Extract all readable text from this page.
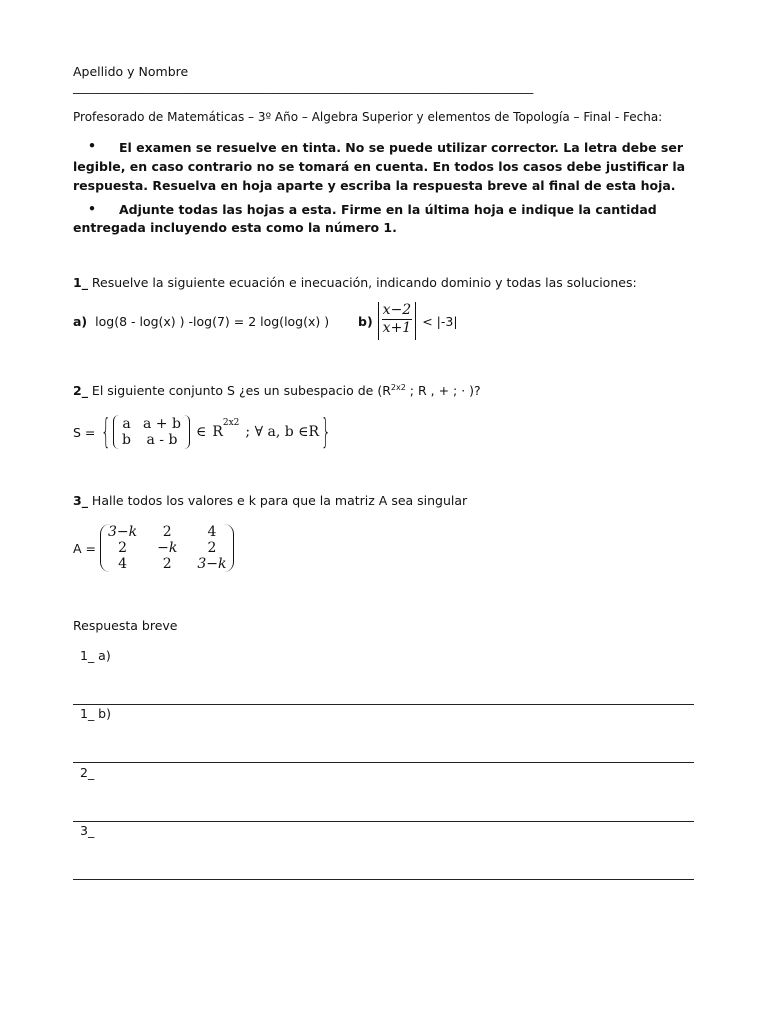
Apellido y Nombre
______________________________________________________________________________
Profesorado de Matemáticas – 3º Año – Algebra Superior y elementos de Topología – Final - Fecha:
•	El examen se resuelve en tinta. No se puede utilizar corrector. La letra debe ser legible, en caso contrario no se tomará en cuenta. En todos los casos debe justificar la respuesta. Resuelva en hoja aparte y escriba la respuesta breve al final de esta hoja.
•	Adjunte todas las hojas a esta. Firme en la última hoja e indique la cantidad entregada incluyendo esta como la número 1.
1_ Resuelve la siguiente ecuación e inecuación, indicando dominio y todas las soluciones:
a) log(8 - log(x) ) -log(7) = 2 log(log(x) ) $b) \frac{x-2}{x+1} < |-3|$
2_ El siguiente conjunto S ¿es un subespacio de ($R^{2x2}$ ; R , + ; · )?
S = { a	a + b
b	a - b ∈ R
$^{2x2}$
; ∀ a, b ∈R }
3_ Halle todos los valores e k para que la matriz A sea singular
A =
3−k	2	4
2	−k	2
4	2	3−k
Respuesta breve
1_ a)
1_ b)
2_
3_
